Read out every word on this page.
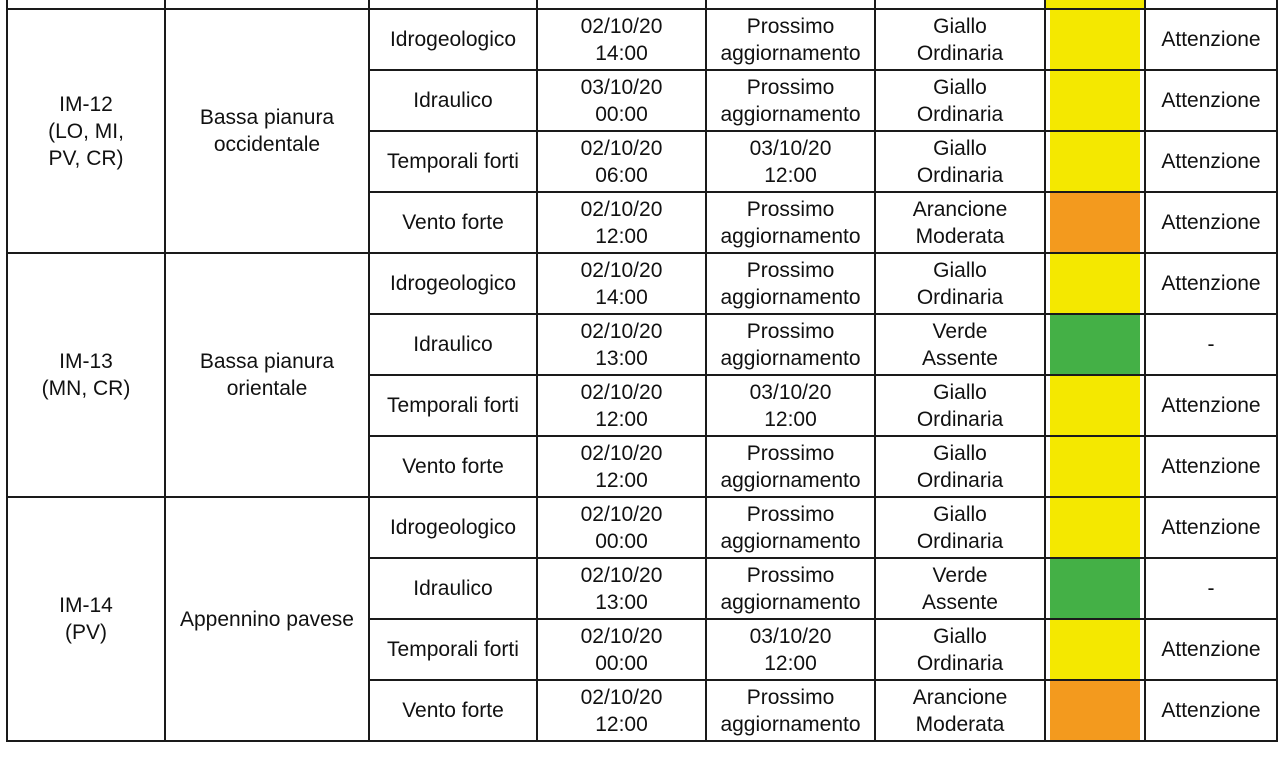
IM-12
(LO, MI,
PV, CR)	Bassa pianura
occidentale	Idrogeologico	02/10/20
14:00	Prossimo
aggiornamento	Giallo
Ordinaria		Attenzione
		Idraulico	03/10/20
00:00	Prossimo
aggiornamento	Giallo
Ordinaria		Attenzione
		Temporali forti	02/10/20
06:00	03/10/20
12:00	Giallo
Ordinaria		Attenzione
		Vento forte	02/10/20
12:00	Prossimo
aggiornamento	Arancione
Moderata		Attenzione
IM-13
(MN, CR)	Bassa pianura
orientale	Idrogeologico	02/10/20
14:00	Prossimo
aggiornamento	Giallo
Ordinaria		Attenzione
		Idraulico	02/10/20
13:00	Prossimo
aggiornamento	Verde
Assente		-
		Temporali forti	02/10/20
12:00	03/10/20
12:00	Giallo
Ordinaria		Attenzione
		Vento forte	02/10/20
12:00	Prossimo
aggiornamento	Giallo
Ordinaria		Attenzione
IM-14
(PV)	Appennino pavese	Idrogeologico	02/10/20
00:00	Prossimo
aggiornamento	Giallo
Ordinaria		Attenzione
		Idraulico	02/10/20
13:00	Prossimo
aggiornamento	Verde
Assente		-
		Temporali forti	02/10/20
00:00	03/10/20
12:00	Giallo
Ordinaria		Attenzione
		Vento forte	02/10/20
12:00	Prossimo
aggiornamento	Arancione
Moderata		Attenzione
